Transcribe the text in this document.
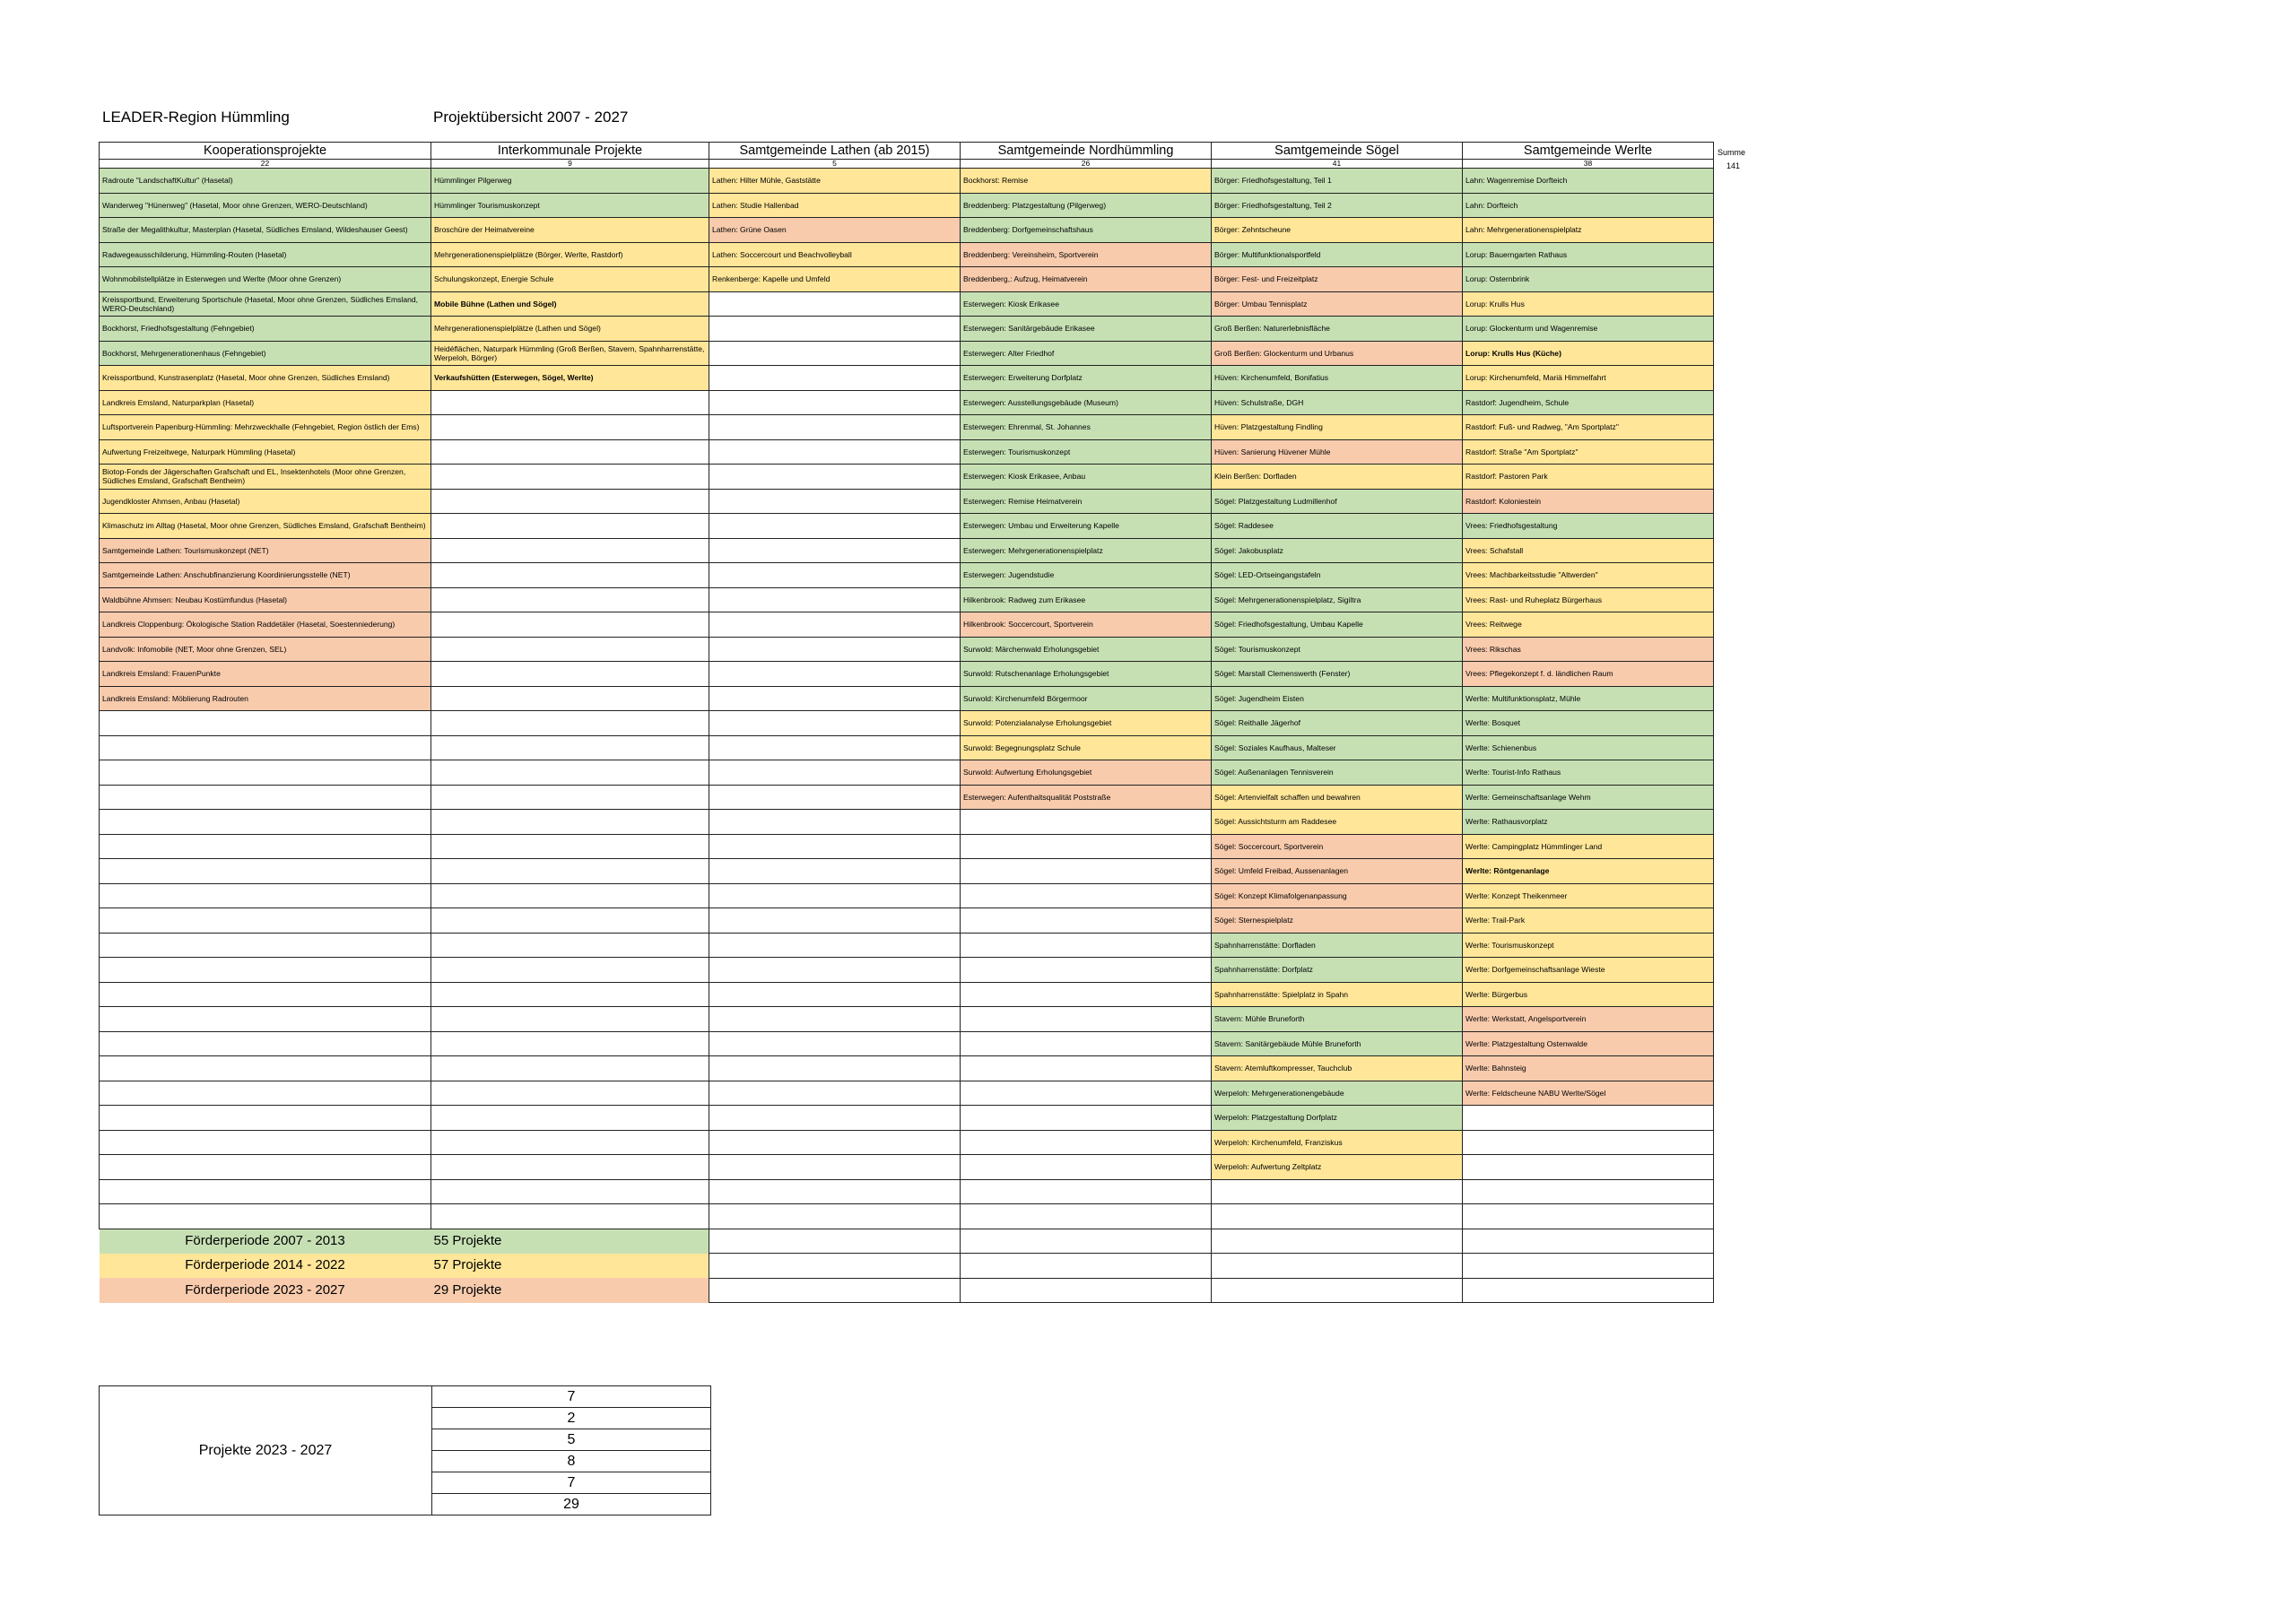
LEADER-Region Hümmling	Projektübersicht 2007 - 2027
Summe
141
Kooperationsprojekte	Interkommunale Projekte	Samtgemeinde Lathen (ab 2015)	Samtgemeinde Nordhümmling	Samtgemeinde Sögel	Samtgemeinde Werlte
22	9	5	26	41	38
Radroute "LandschaftKultur" (Hasetal)	Hümmlinger Pilgerweg	Lathen: Hilter Mühle, Gaststätte	Bockhorst: Remise	Börger: Friedhofsgestaltung, Teil 1	Lahn: Wagenremise Dorfteich
Wanderweg "Hünenweg" (Hasetal, Moor ohne Grenzen, WERO-Deutschland)	Hümmlinger Tourismuskonzept	Lathen: Studie Hallenbad	Breddenberg: Platzgestaltung (Pilgerweg)	Börger: Friedhofsgestaltung, Teil 2	Lahn: Dorfteich
Straße der Megalithkultur, Masterplan (Hasetal, Südliches Emsland, Wildeshauser Geest)	Broschüre der Heimatvereine	Lathen: Grüne Oasen	Breddenberg: Dorfgemeinschaftshaus	Börger: Zehntscheune	Lahn: Mehrgenerationenspielplatz
Radwegeausschilderung, Hümmling-Routen (Hasetal)	Mehrgenerationenspielplätze (Börger, Werlte, Rastdorf)	Lathen: Soccercourt und Beachvolleyball	Breddenberg: Vereinsheim, Sportverein	Börger: Multifunktionalsportfeld	Lorup: Bauerngarten Rathaus
Wohnmobilstellplätze in Esterwegen und Werlte (Moor ohne Grenzen)	Schulungskonzept, Energie Schule	Renkenberge: Kapelle und Umfeld	Breddenberg,: Aufzug, Heimatverein	Börger: Fest- und Freizeitplatz	Lorup: Osternbrink
Kreissportbund, Erweiterung Sportschule (Hasetal, Moor ohne Grenzen, Südliches Emsland, WERO-Deutschland)	Mobile Bühne (Lathen und Sögel)		Esterwegen: Kiosk Erikasee	Börger: Umbau Tennisplatz	Lorup: Krulls Hus
Bockhorst, Friedhofsgestaltung (Fehngebiet)	Mehrgenerationenspielplätze (Lathen und Sögel)		Esterwegen: Sanitärgebäude Erikasee	Groß Berßen: Naturerlebnisfläche	Lorup: Glockenturm und Wagenremise
Bockhorst, Mehrgenerationenhaus (Fehngebiet)	Heidéflächen, Naturpark Hümmling (Groß Berßen, Stavern, Spahnharrenstätte, Werpeloh, Börger)		Esterwegen: Alter Friedhof	Groß Berßen: Glockenturm und Urbanus	Lorup: Krulls Hus (Küche)
Kreissportbund, Kunstrasenplatz (Hasetal, Moor ohne Grenzen, Südliches Emsland)	Verkaufshütten (Esterwegen, Sögel, Werlte)		Esterwegen: Erweiterung Dorfplatz	Hüven: Kirchenumfeld, Bonifatius	Lorup: Kirchenumfeld, Mariä Himmelfahrt
Landkreis Emsland, Naturparkplan (Hasetal)			Esterwegen: Ausstellungsgebäude (Museum)	Hüven: Schulstraße, DGH	Rastdorf: Jugendheim, Schule
Luftsportverein Papenburg-Hümmling: Mehrzweckhalle (Fehngebiet, Region östlich der Ems)			Esterwegen: Ehrenmal, St. Johannes	Hüven: Platzgestaltung Findling	Rastdorf: Fuß- und Radweg, "Am Sportplatz"
Aufwertung Freizeitwege, Naturpark Hümmling (Hasetal)			Esterwegen: Tourismuskonzept	Hüven: Sanierung Hüvener Mühle	Rastdorf: Straße "Am Sportplatz"
Biotop-Fonds der Jägerschaften Grafschaft und EL, Insektenhotels (Moor ohne Grenzen, Südliches Emsland, Grafschaft Bentheim)			Esterwegen: Kiosk Erikasee, Anbau	Klein Berßen: Dorfladen	Rastdorf: Pastoren Park
Jugendkloster Ahmsen, Anbau (Hasetal)			Esterwegen: Remise Heimatverein	Sögel: Platzgestaltung Ludmillenhof	Rastdorf: Koloniestein
Klimaschutz im Alltag (Hasetal, Moor ohne Grenzen, Südliches Emsland, Grafschaft Bentheim)			Esterwegen: Umbau und Erweiterung Kapelle	Sögel: Raddesee	Vrees: Friedhofsgestaltung
Samtgemeinde Lathen: Tourismuskonzept (NET)			Esterwegen: Mehrgenerationenspielplatz	Sögel: Jakobusplatz	Vrees: Schafstall
Samtgemeinde Lathen: Anschubfinanzierung Koordinierungsstelle (NET)			Esterwegen: Jugendstudie	Sögel: LED-Ortseingangstafeln	Vrees: Machbarkeitsstudie "Altwerden"
Waldbühne Ahmsen: Neubau Kostümfundus (Hasetal)			Hilkenbrook: Radweg zum Erikasee	Sögel: Mehrgenerationenspielplatz, Sigiltra	Vrees: Rast- und Ruheplatz Bürgerhaus
Landkreis Cloppenburg: Ökologische Station Raddetäler (Hasetal, Soestenniederung)			Hilkenbrook: Soccercourt, Sportverein	Sögel: Friedhofsgestaltung, Umbau Kapelle	Vrees: Reitwege
Landvolk: Infomobile (NET, Moor ohne Grenzen, SEL)			Surwold: Märchenwald Erholungsgebiet	Sögel: Tourismuskonzept	Vrees: Rikschas
Landkreis Emsland: FrauenPunkte			Surwold: Rutschenanlage Erholungsgebiet	Sögel: Marstall Clemenswerth (Fenster)	Vrees: Pflegekonzept f. d. ländlichen Raum
Landkreis Emsland: Möblierung Radrouten			Surwold: Kirchenumfeld Börgermoor	Sögel: Jugendheim Eisten	Werlte: Multifunktionsplatz, Mühle
			Surwold: Potenzialanalyse Erholungsgebiet	Sögel: Reithalle Jägerhof	Werlte: Bosquet
			Surwold: Begegnungsplatz Schule	Sögel: Soziales Kaufhaus, Malteser	Werlte: Schienenbus
			Surwold: Aufwertung Erholungsgebiet	Sögel: Außenanlagen Tennisverein	Werlte: Tourist-Info Rathaus
			Esterwegen: Aufenthaltsqualität Poststraße	Sögel: Artenvielfalt schaffen und bewahren	Werlte: Gemeinschaftsanlage Wehm
				Sögel: Aussichtsturm am Raddesee	Werlte: Rathausvorplatz
				Sögel: Soccercourt, Sportverein	Werlte: Campingplatz Hümmlinger Land
				Sögel: Umfeld Freibad, Aussenanlagen	Werlte: Röntgenanlage
				Sögel: Konzept Klimafolgenanpassung	Werlte: Konzept Theikenmeer
				Sögel: Sternespielplatz	Werlte: Trail-Park
				Spahnharrenstätte: Dorfladen	Werlte: Tourismuskonzept
				Spahnharrenstätte: Dorfplatz	Werlte: Dorfgemeinschaftsanlage Wieste
				Spahnharrenstätte: Spielplatz in Spahn	Werlte: Bürgerbus
				Stavern: Mühle Bruneforth	Werlte: Werkstatt, Angelsportverein
				Stavern: Sanitärgebäude Mühle Bruneforth	Werlte: Platzgestaltung Ostenwalde
				Stavern: Atemluftkompresser, Tauchclub	Werlte: Bahnsteig
				Werpeloh: Mehrgenerationengebäude	Werlte: Feldscheune NABU Werlte/Sögel
				Werpeloh: Platzgestaltung Dorfplatz	
				Werpeloh: Kirchenumfeld, Franziskus	
				Werpeloh: Aufwertung Zeltplatz	

Förderperiode 2007 - 2013	55 Projekte				
Förderperiode 2014 - 2022	57 Projekte				
Förderperiode 2023 - 2027	29 Projekte				
Projekte 2023 - 2027	7
2
5
8
7
29
